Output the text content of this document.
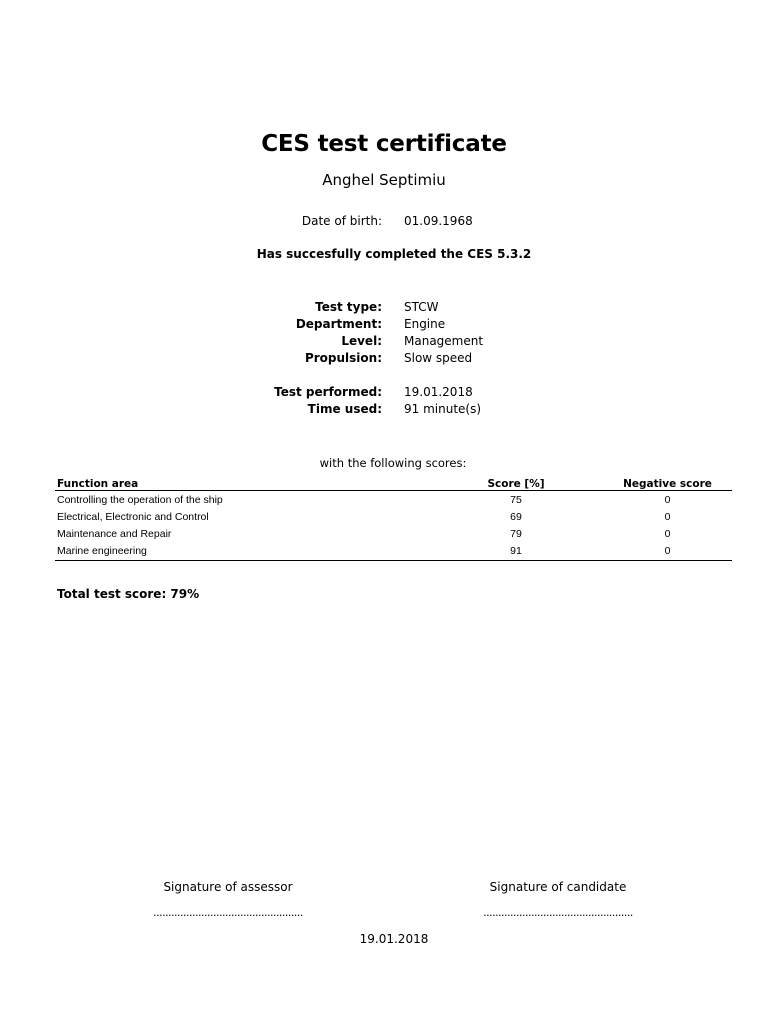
CES test certificate
Anghel Septimiu
Date of birth: 01.09.1968
Has succesfully completed the CES 5.3.2
Test type: STCW
Department: Engine
Level: Management
Propulsion: Slow speed
Test performed: 19.01.2018
Time used: 91 minute(s)
with the following scores:
Function area	Score [%]	Negative score
Controlling the operation of the ship	75	0
Electrical, Electronic and Control	69	0
Maintenance and Repair	79	0
Marine engineering	91	0
Total test score: 79%
Signature of assessor	Signature of candidate
..................................................	..................................................
19.01.2018
